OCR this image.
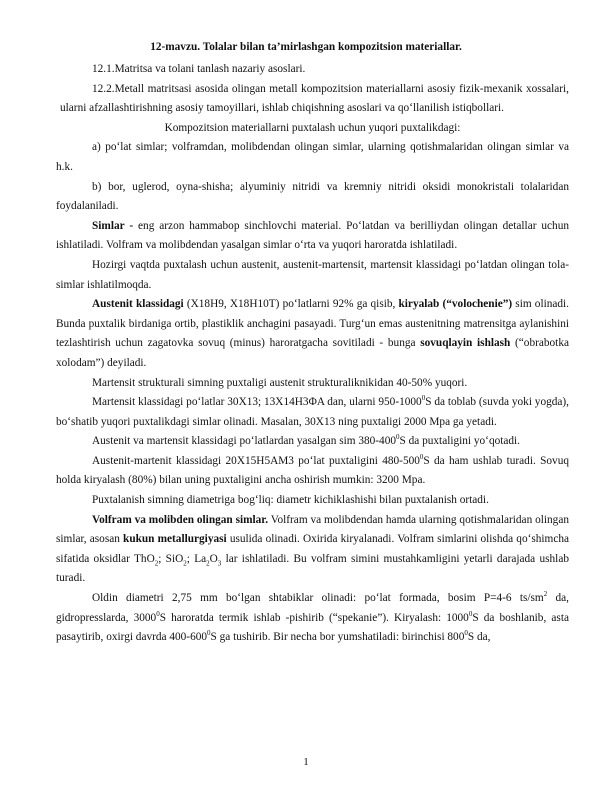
12-mavzu. Tolalar bilan ta’mirlashgan kompozitsion materiallar.

12.1.Matritsa va tolani tanlash nazariy asoslari.

12.2.Metall matritsasi asosida olingan metall kompozitsion materiallarni asosiy fizik-mexanik xossalari, ularni afzallashtirishning asosiy tamoyillari, ishlab chiqishning asoslari va qo‘llanilish istiqbollari.

Kompozitsion materiallarni puxtalash uchun yuqori puxtalikdagi:

a) po‘lat simlar; volframdan, molibdendan olingan simlar, ularning qotishmalaridan olingan simlar va h.k.

b) bor, uglerod, oyna-shisha; alyuminiy nitridi va kremniy nitridi oksidi monokristali tolalaridan foydalaniladi.

Simlar - eng arzon hammabop sinchlovchi material. Po‘latdan va berilliydan olingan detallar uchun ishlatiladi. Volfram va molibdendan yasalgan simlar o‘rta va yuqori haroratda ishlatiladi.

Hozirgi vaqtda puxtalash uchun austenit, austenit-martensit, martensit klassidagi po‘latdan olingan tola-simlar ishlatilmoqda.

Austenit klassidagi (X18H9, X18H10T) po‘latlarni 92% ga qisib, kiryalab (“volochenie”) sim olinadi. Bunda puxtalik birdaniga ortib, plastiklik anchagini pasayadi. Turg‘un emas austenitning matrensitga aylanishini tezlashtirish uchun zagatovka sovuq (minus) haroratgacha sovitiladi - bunga sovuqlayin ishlash (“obrabotka xolodam”) deyiladi.

Martensit strukturali simning puxtaligi austenit strukturaliknikidan 40-50% yuqori.

Martensit klassidagi po‘latlar 30X13; 13X14H3ΦA dan, ularni 950-1000$^0$S da toblab (suvda yoki yogda), bo‘shatib yuqori puxtalikdagi simlar olinadi. Masalan, 30X13 ning puxtaligi 2000 Mpa ga yetadi.

Austenit va martensit klassidagi po‘latlardan yasalgan sim $380-400^0S$ da puxtaligini yo‘qotadi.

Austenit-martenit klassidagi 20X15H5AM3 po‘lat puxtaligini $480-500^0S$ da ham ushlab turadi. Sovuq holda kiryalash (80%) bilan uning puxtaligini ancha oshirish mumkin: 3200 Mpa.

Puxtalanish simning diametriga bog‘liq: diametr kichiklashishi bilan puxtalanish ortadi.

Volfram va molibden olingan simlar. Volfram va molibdendan hamda ularning qotishmalaridan olingan simlar, asosan kukun metallurgiyasi usulida olinadi. Oxirida kiryalanadi. Volfram simlarini olishda qo‘shimcha sifatida oksidlar ThO$_2$; SiO$_2$; $La_2O_3$ lar ishlatiladi. Bu volfram simini mustahkamligini yetarli darajada ushlab turadi.

Oldin diametri 2,75 mm bo‘lgan shtabiklar olinadi: po‘lat formada, bosim P=4-6 $ts/sm^2$ da, gidropresslarda, 3000$^0$S haroratda termik ishlab -pishirib (“spekanie”). Kiryalash: 1000$^0$S da boshlanib, asta pasaytirib, oxirgi davrda $400-600^0S$ ga tushirib. Bir necha bor yumshatiladi: birinchisi $800^0S$ da,

1
